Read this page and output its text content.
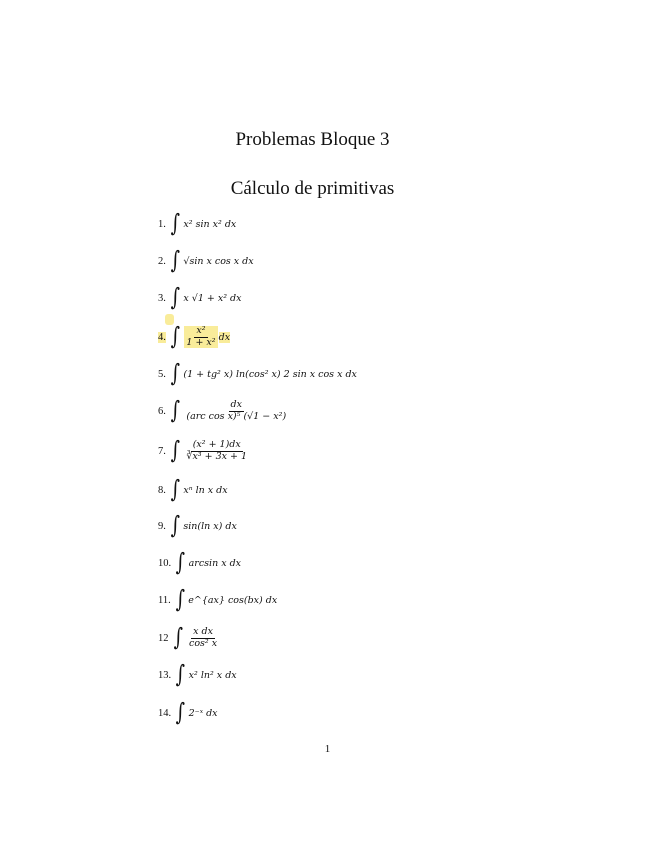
Problemas Bloque 3
Cálculo de primitivas
1. ∫ x² sin x² dx
2. ∫ √sin x cos x dx
3. ∫ x √1 + x² dx
4. ∫ $\frac{\text{x²}}{\text{1 + x²}}$ dx
5. ∫ (1 + tg² x) ln(cos² x) 2 sin x cos x dx
6. ∫ $\frac{dx}{\text{(arc cos x)⁵ (√1 − x²)}}$
7. ∫ $\frac{\text{(x² + 1)dx}}{\text{∛x³ + 3x + 1}}$
8. ∫ xⁿ ln x dx
9. ∫ sin(ln x) dx
10. ∫ arcsin x dx
11. ∫ e^{ax} cos(bx) dx
12 ∫ $\frac{\text{x dx}}{\text{cos² x}}$
13. ∫ x² ln² x dx
14. ∫ 2⁻ˣ dx
1
